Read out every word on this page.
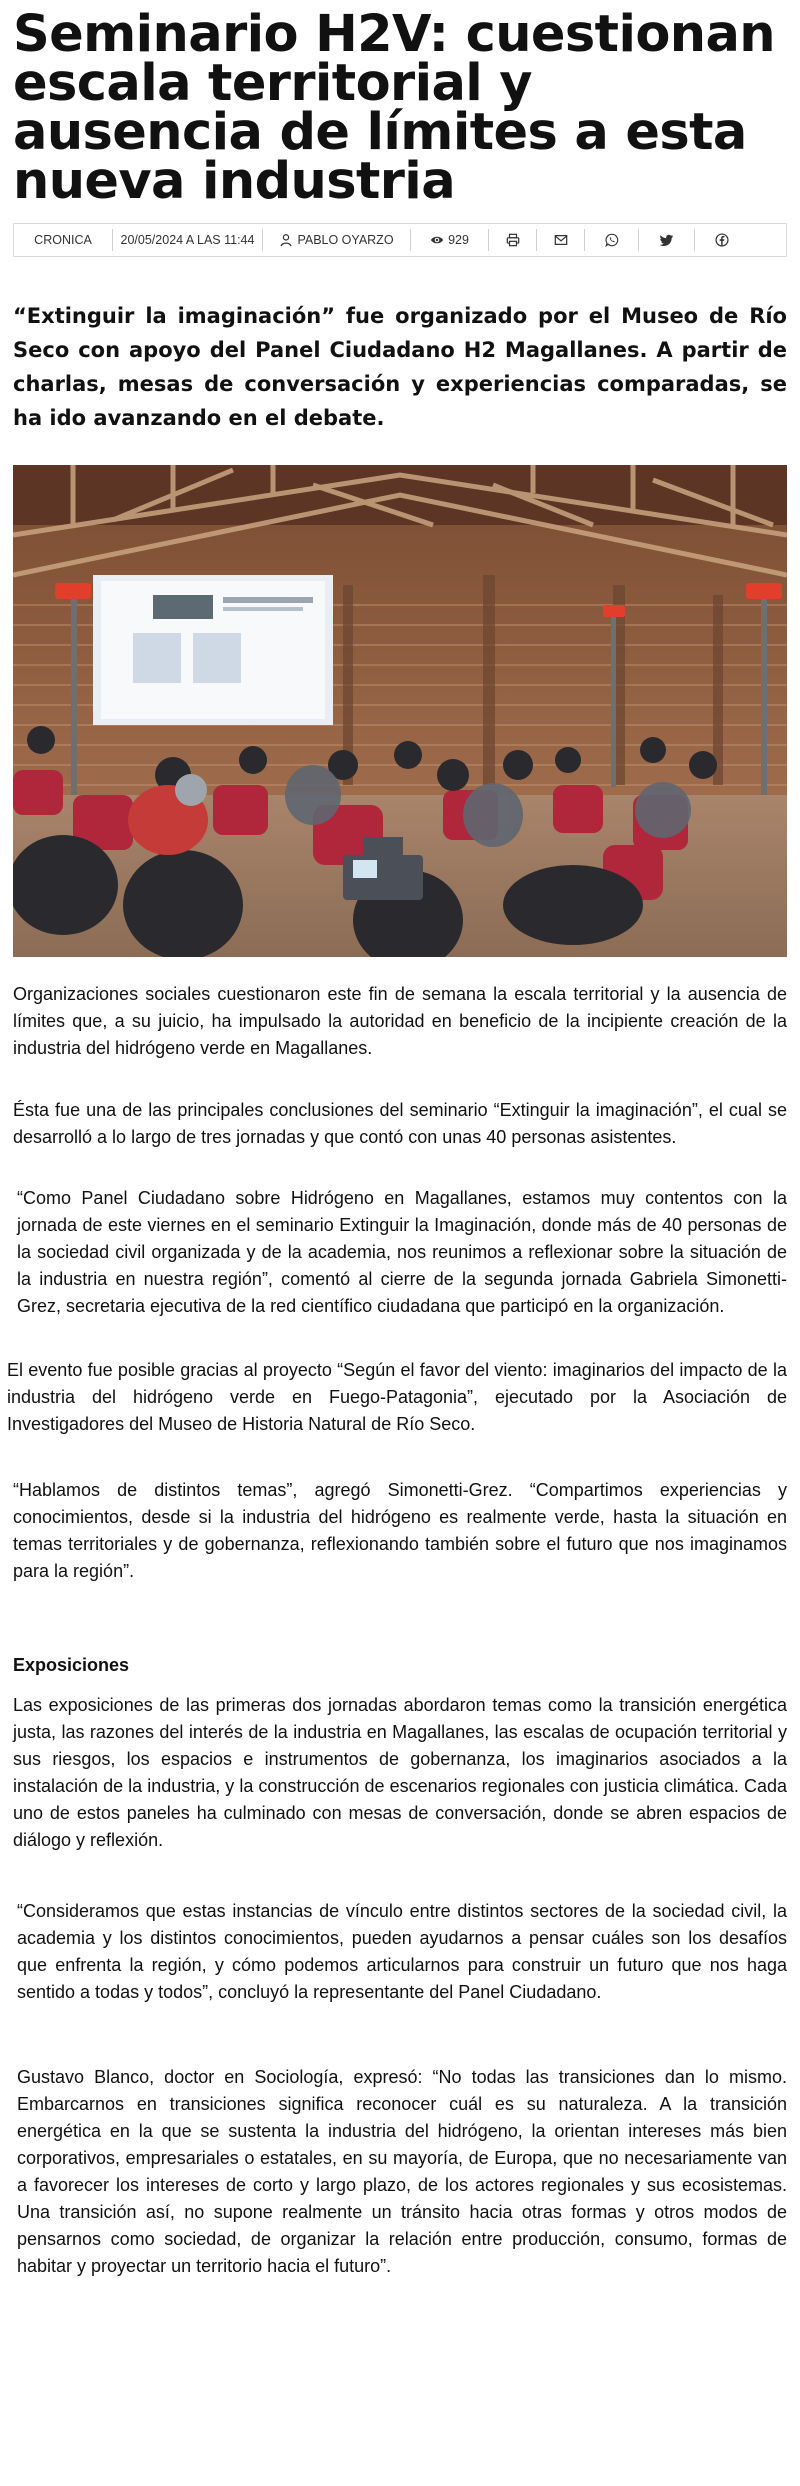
Seminario H2V: cuestionan escala territorial y ausencia de límites a esta nueva industria
CRONICA 20/05/2024 A LAS 11:44	PABLO OYARZO	929

“Extinguir la imaginación” fue organizado por el Museo de Río Seco con apoyo del Panel Ciudadano H2 Magallanes. A partir de charlas, mesas de conversación y experiencias comparadas, se ha ido avanzando en el debate.

Organizaciones sociales cuestionaron este fin de semana la escala territorial y la ausencia de límites que, a su juicio, ha impulsado la autoridad en beneficio de la incipiente creación de la industria del hidrógeno verde en Magallanes.

Ésta fue una de las principales conclusiones del seminario “Extinguir la imaginación”, el cual se desarrolló a lo largo de tres jornadas y que contó con unas 40 personas asistentes.

“Como Panel Ciudadano sobre Hidrógeno en Magallanes, estamos muy contentos con la jornada de este viernes en el seminario Extinguir la Imaginación, donde más de 40 personas de la sociedad civil organizada y de la academia, nos reunimos a reflexionar sobre la situación de la industria en nuestra región”, comentó al cierre de la segunda jornada Gabriela Simonetti-Grez, secretaria ejecutiva de la red científico ciudadana que participó en la organización.

El evento fue posible gracias al proyecto “Según el favor del viento: imaginarios del impacto de la industria del hidrógeno verde en Fuego-Patagonia”, ejecutado por la Asociación de Investigadores del Museo de Historia Natural de Río Seco.

“Hablamos de distintos temas”, agregó Simonetti-Grez. “Compartimos experiencias y conocimientos, desde si la industria del hidrógeno es realmente verde, hasta la situación en temas territoriales y de gobernanza, reflexionando también sobre el futuro que nos imaginamos para la región”.

Exposiciones

Las exposiciones de las primeras dos jornadas abordaron temas como la transición energética justa, las razones del interés de la industria en Magallanes, las escalas de ocupación territorial y sus riesgos, los espacios e instrumentos de gobernanza, los imaginarios asociados a la instalación de la industria, y la construcción de escenarios regionales con justicia climática. Cada uno de estos paneles ha culminado con mesas de conversación, donde se abren espacios de diálogo y reflexión.

“Consideramos que estas instancias de vínculo entre distintos sectores de la sociedad civil, la academia y los distintos conocimientos, pueden ayudarnos a pensar cuáles son los desafíos que enfrenta la región, y cómo podemos articularnos para construir un futuro que nos haga sentido a todas y todos”, concluyó la representante del Panel Ciudadano.

Gustavo Blanco, doctor en Sociología, expresó: “No todas las transiciones dan lo mismo. Embarcarnos en transiciones significa reconocer cuál es su naturaleza. A la transición energética en la que se sustenta la industria del hidrógeno, la orientan intereses más bien corporativos, empresariales o estatales, en su mayoría, de Europa, que no necesariamente van a favorecer los intereses de corto y largo plazo, de los actores regionales y sus ecosistemas. Una transición así, no supone realmente un tránsito hacia otras formas y otros modos de pensarnos como sociedad, de organizar la relación entre producción, consumo, formas de habitar y proyectar un territorio hacia el futuro”.
